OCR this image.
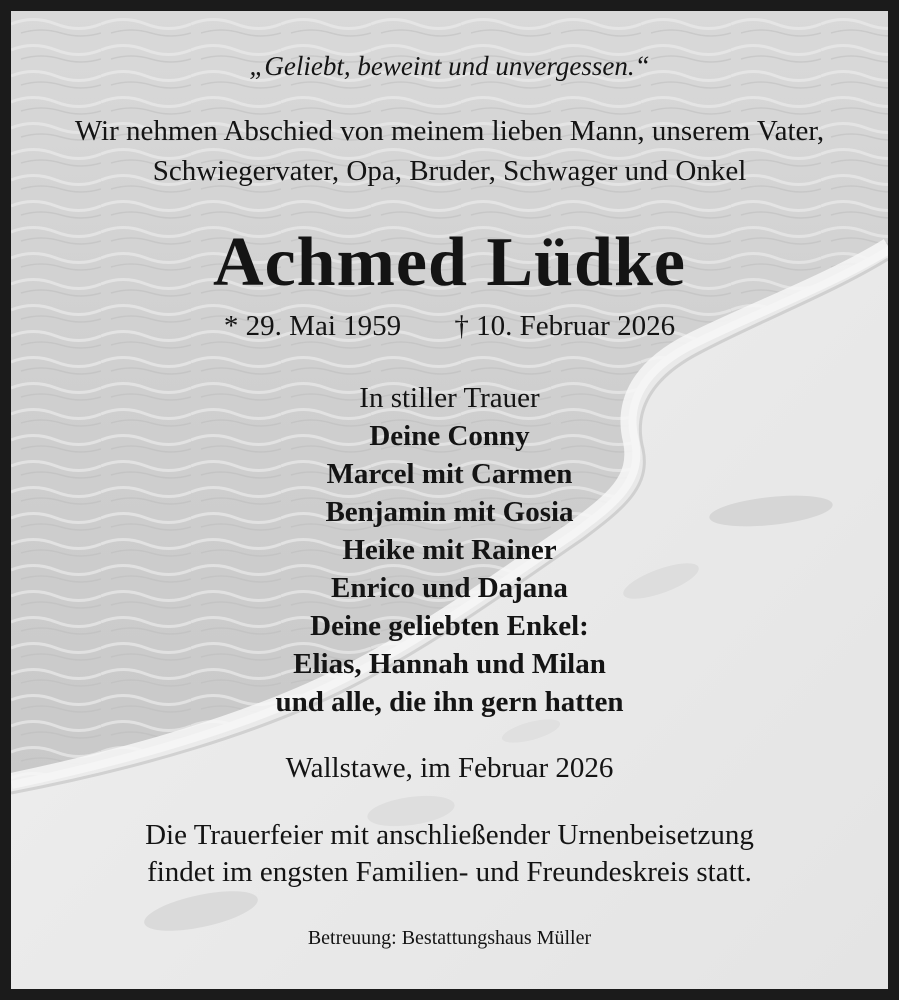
„Geliebt, beweint und unvergessen.“
Wir nehmen Abschied von meinem lieben Mann, unserem Vater,
Schwiegervater, Opa, Bruder, Schwager und Onkel
Achmed Lüdke
* 29. Mai 1959 † 10. Februar 2026
In stiller Trauer
Deine Conny
Marcel mit Carmen
Benjamin mit Gosia
Heike mit Rainer
Enrico und Dajana
Deine geliebten Enkel:
Elias, Hannah und Milan
und alle, die ihn gern hatten
Wallstawe, im Februar 2026
Die Trauerfeier mit anschließender Urnenbeisetzung
findet im engsten Familien- und Freundeskreis statt.
Betreuung: Bestattungshaus Müller
